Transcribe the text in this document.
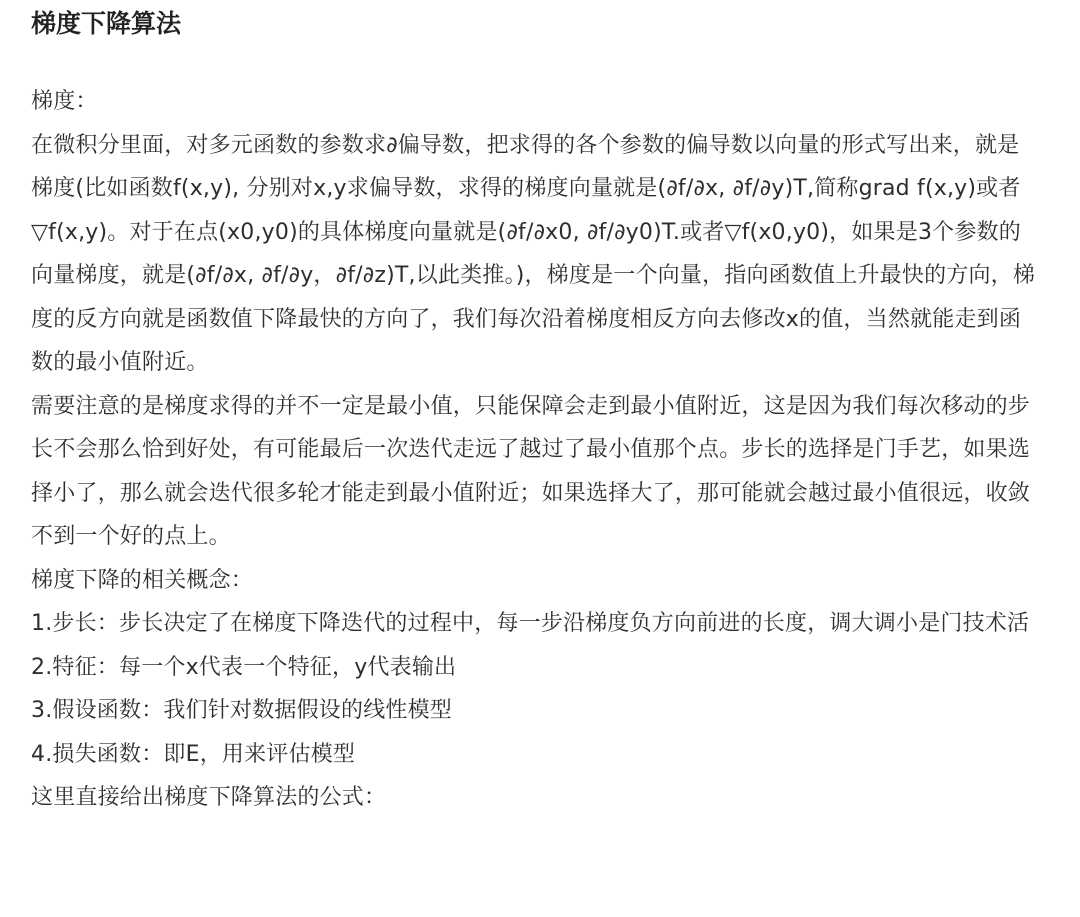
梯度下降算法

梯度：

在微积分里面，对多元函数的参数求∂偏导数，把求得的各个参数的偏导数以向量的形式写出来，就是梯度(比如函数f(x,y), 分别对x,y求偏导数，求得的梯度向量就是(∂f/∂x, ∂f/∂y)T,简称grad f(x,y)或者▽f(x,y)。对于在点(x0,y0)的具体梯度向量就是(∂f/∂x0, ∂f/∂y0)T.或者▽f(x0,y0)，如果是3个参数的向量梯度，就是(∂f/∂x, ∂f/∂y，∂f/∂z)T,以此类推。)，梯度是一个向量，指向函数值上升最快的方向，梯度的反方向就是函数值下降最快的方向了，我们每次沿着梯度相反方向去修改x的值，当然就能走到函数的最小值附近。

需要注意的是梯度求得的并不一定是最小值，只能保障会走到最小值附近，这是因为我们每次移动的步长不会那么恰到好处，有可能最后一次迭代走远了越过了最小值那个点。步长的选择是门手艺，如果选择小了，那么就会迭代很多轮才能走到最小值附近；如果选择大了，那可能就会越过最小值很远，收敛不到一个好的点上。

梯度下降的相关概念：

1.步长：步长决定了在梯度下降迭代的过程中，每一步沿梯度负方向前进的长度，调大调小是门技术活

2.特征：每一个x代表一个特征，y代表输出

3.假设函数：我们针对数据假设的线性模型

4.损失函数：即E，用来评估模型

这里直接给出梯度下降算法的公式：
